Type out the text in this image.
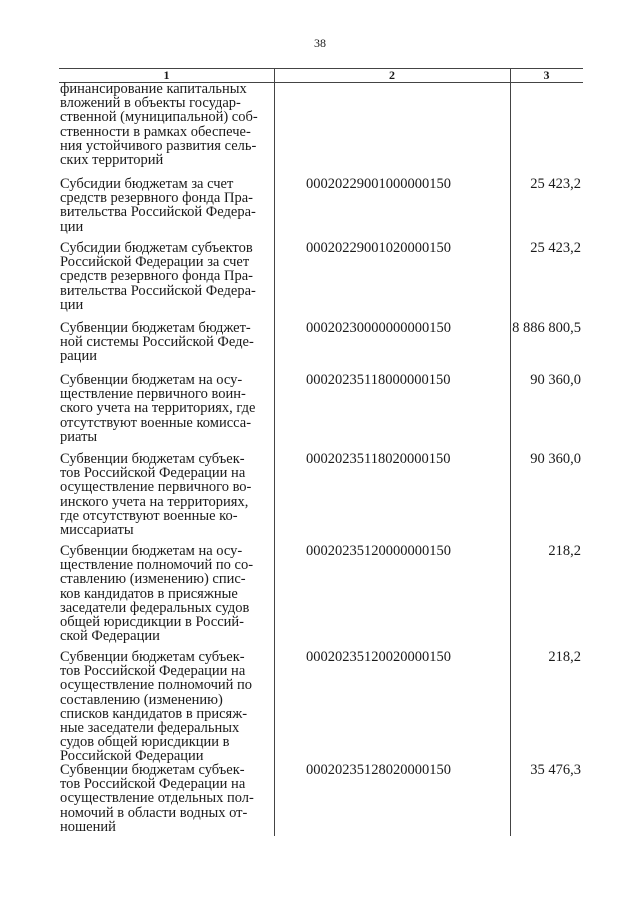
38
1	2	3
финансирование капитальных
вложений в объекты государ-
ственной (муниципальной) соб-
ственности в рамках обеспече-
ния устойчивого развития сель-
ских территорий
Субсидии бюджетам за счет
средств резервного фонда Пра-
вительства Российской Федера-
ции
00020229001000000150	25 423,2
Субсидии бюджетам субъектов
Российской Федерации за счет
средств резервного фонда Пра-
вительства Российской Федера-
ции
00020229001020000150	25 423,2
Субвенции бюджетам бюджет-
ной системы Российской Феде-
рации
00020230000000000150	8 886 800,5
Субвенции бюджетам на осу-
ществление первичного воин-
ского учета на территориях, где
отсутствуют военные комисса-
риаты
00020235118000000150	90 360,0
Субвенции бюджетам субъек-
тов Российской Федерации на
осуществление первичного во-
инского учета на территориях,
где отсутствуют военные ко-
миссариаты
00020235118020000150	90 360,0
Субвенции бюджетам на осу-
ществление полномочий по со-
ставлению (изменению) спис-
ков кандидатов в присяжные
заседатели федеральных судов
общей юрисдикции в Россий-
ской Федерации
00020235120000000150	218,2
Субвенции бюджетам субъек-
тов Российской Федерации на
осуществление полномочий по
составлению (изменению)
списков кандидатов в присяж-
ные заседатели федеральных
судов общей юрисдикции в
Российской Федерации
00020235120020000150	218,2
Субвенции бюджетам субъек-
тов Российской Федерации на
осуществление отдельных пол-
номочий в области водных от-
ношений
00020235128020000150	35 476,3
